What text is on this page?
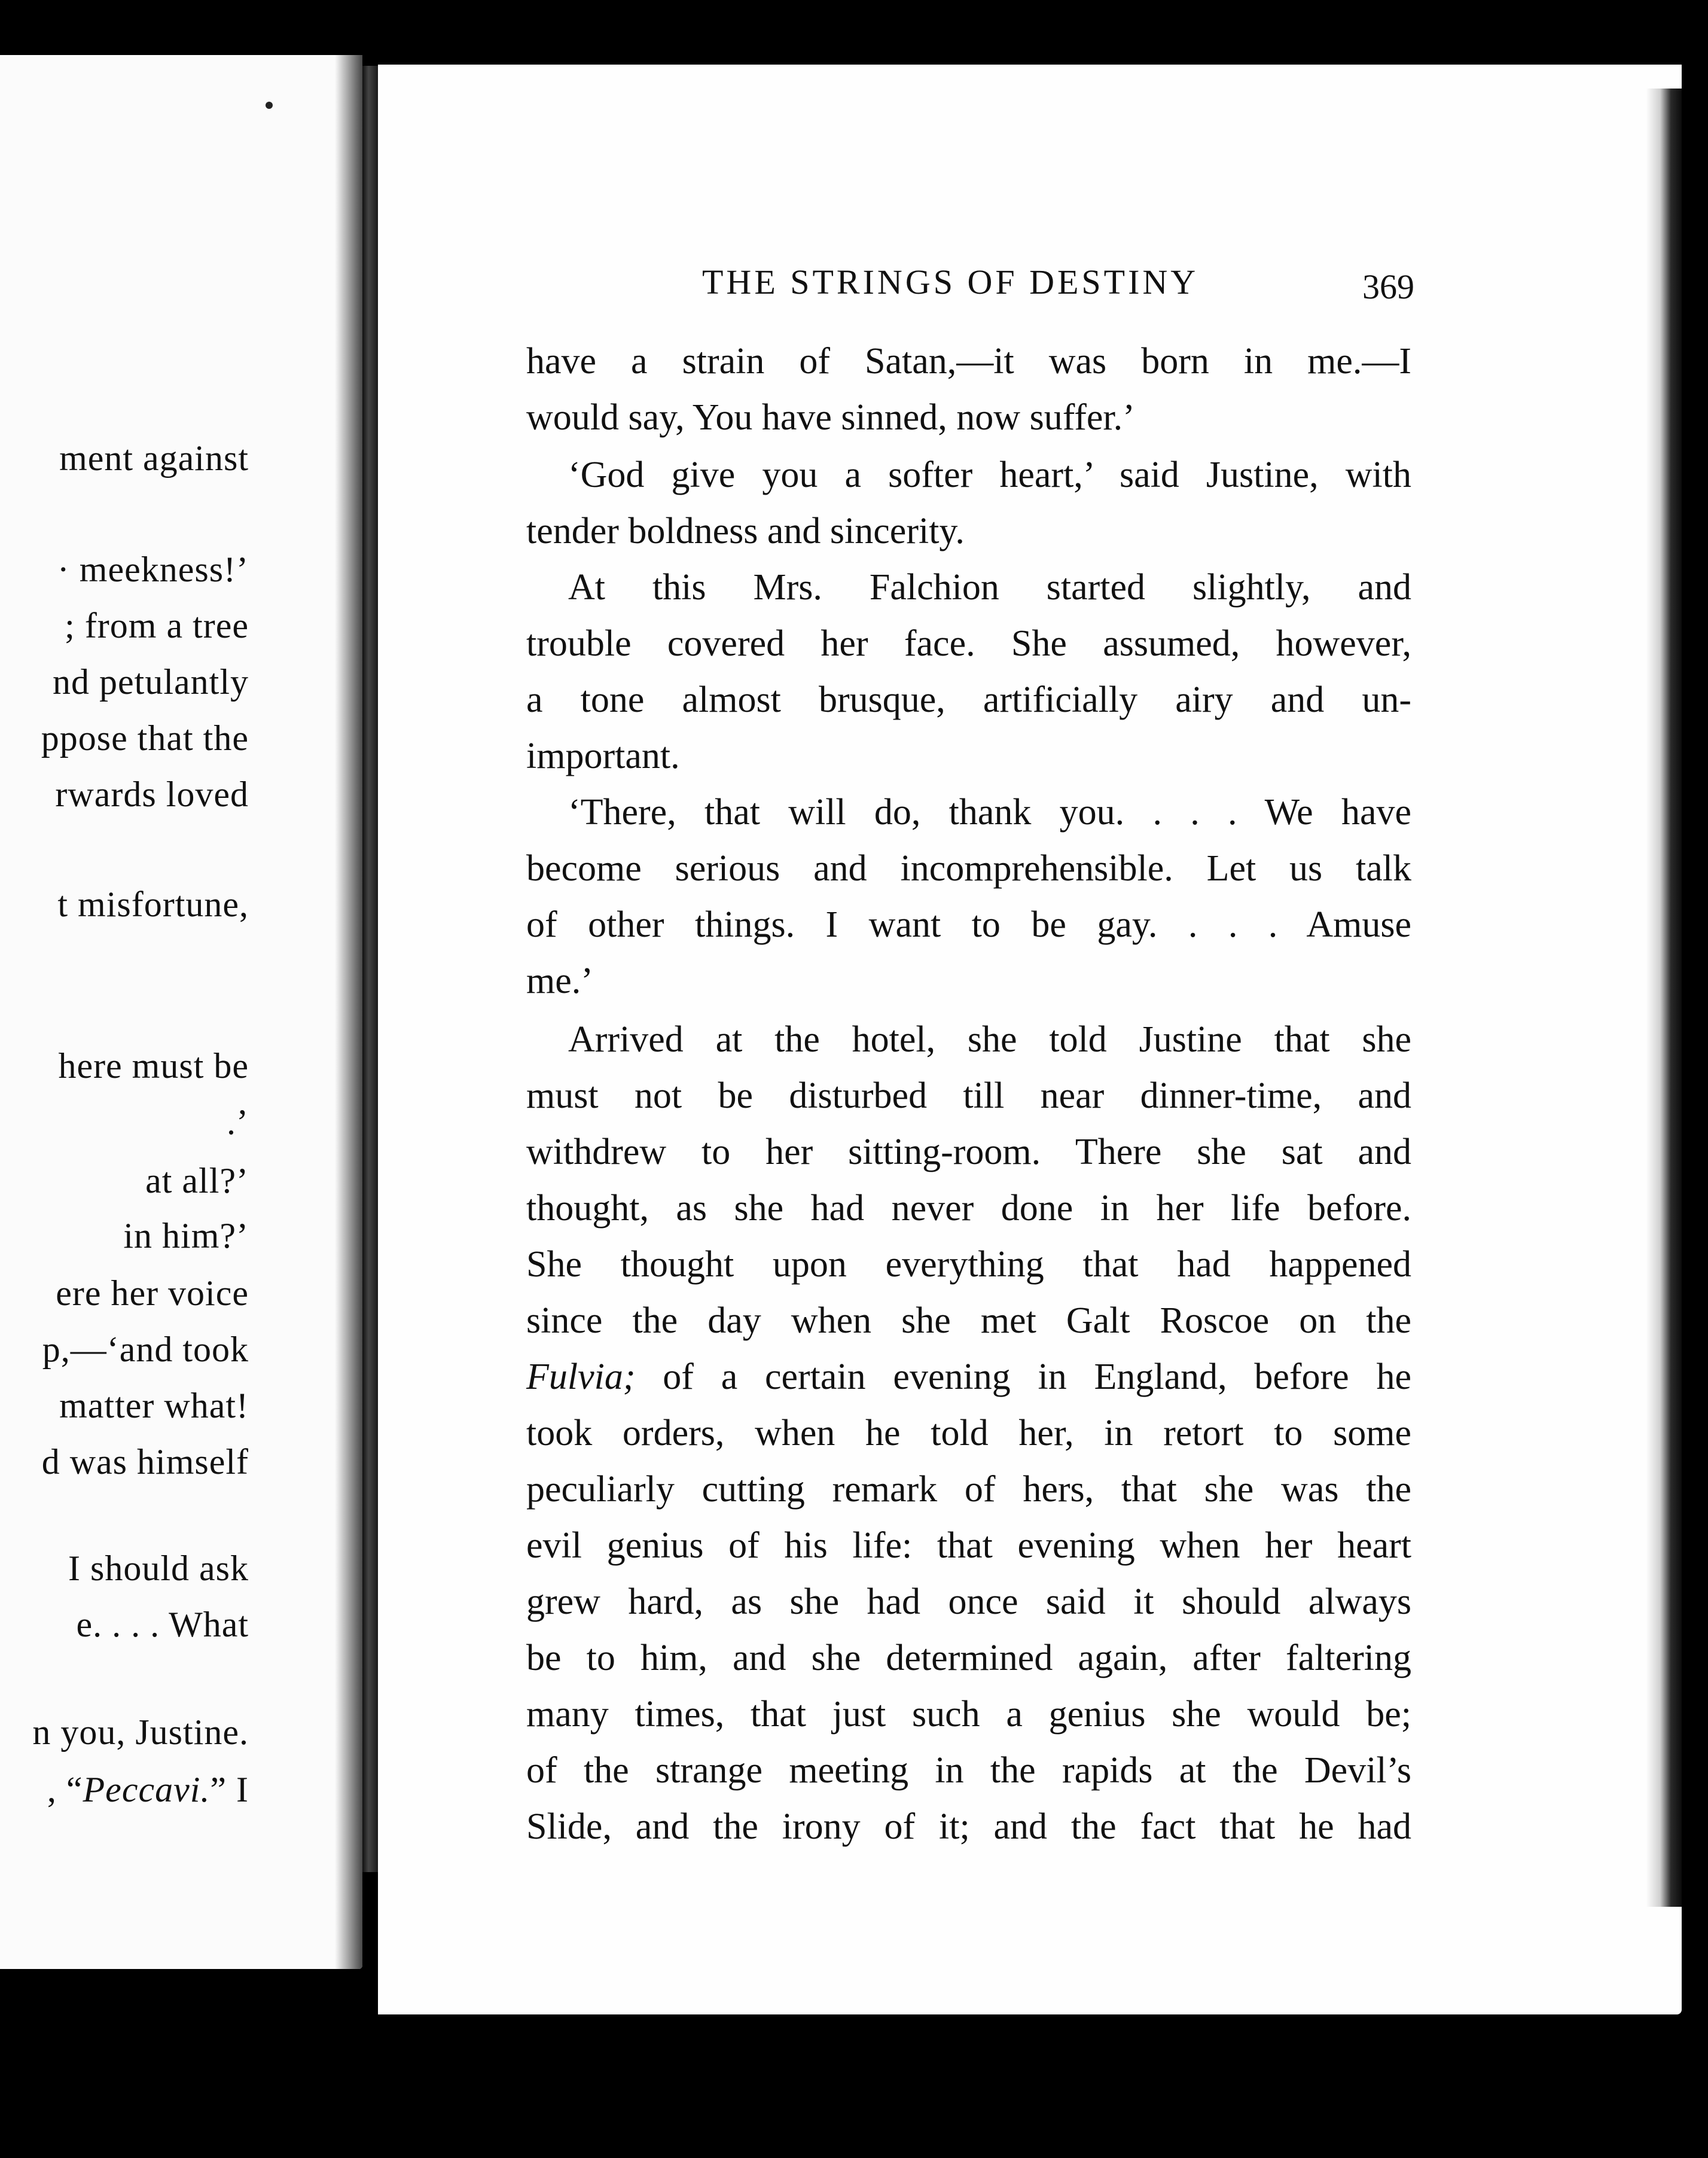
ment against
· meekness!’
; from a tree
nd petulantly
ppose that the
rwards loved
t misfortune,
here must be
.’
at all?’
in him?’
ere her voice
p,—‘and took
matter what!
d was himself
I should ask
e. . . . What
n you, Justine.
, “Peccavi.” I
THE STRINGS OF DESTINY	369
have a strain of Satan,—it was born in me.—I
would say, You have sinned, now suffer.’
‘God give you a softer heart,’ said Justine, with
tender boldness and sincerity.
At this Mrs. Falchion started slightly, and
trouble covered her face. She assumed, however,
a tone almost brusque, artificially airy and un-
important.
‘There, that will do, thank you. . . . We have
become serious and incomprehensible. Let us talk
of other things. I want to be gay. . . . Amuse
me.’
Arrived at the hotel, she told Justine that she
must not be disturbed till near dinner-time, and
withdrew to her sitting-room. There she sat and
thought, as she had never done in her life before.
She thought upon everything that had happened
since the day when she met Galt Roscoe on the
Fulvia; of a certain evening in England, before he
took orders, when he told her, in retort to some
peculiarly cutting remark of hers, that she was the
evil genius of his life: that evening when her heart
grew hard, as she had once said it should always
be to him, and she determined again, after faltering
many times, that just such a genius she would be;
of the strange meeting in the rapids at the Devil’s
Slide, and the irony of it; and the fact that he had
